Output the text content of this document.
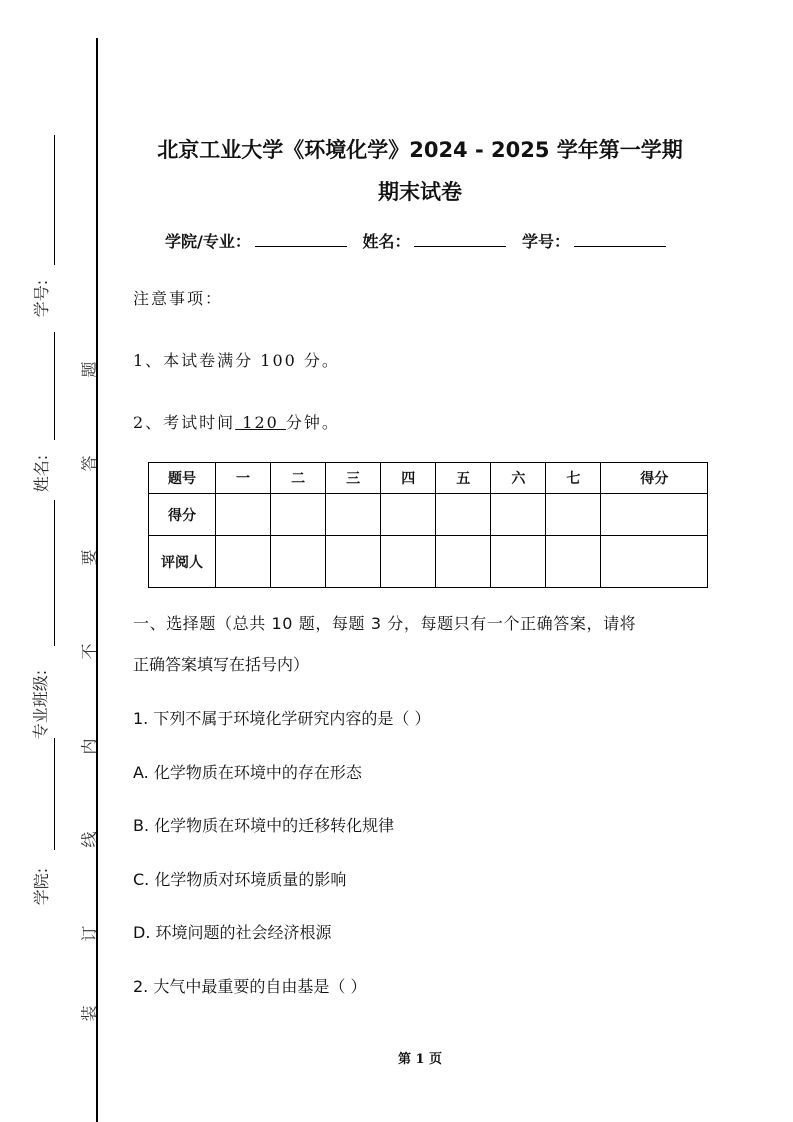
学号:
姓名:
专业班级:
学院:
题
答
要
不
内
线
订
装
北京工业大学《环境化学》2024 - 2025 学年第一学期
期末试卷
学院/专业：	姓名：	学号：
注意事项：
1、本试卷满分 100 分。
2、考试时间 120 分钟。
题号	一	二	三	四	五	六	七	得分
得分								
评阅人								
一、选择题（总共 10 题，每题 3 分，每题只有一个正确答案，请将
正确答案填写在括号内）
1. 下列不属于环境化学研究内容的是（ ）
A. 化学物质在环境中的存在形态
B. 化学物质在环境中的迁移转化规律
C. 化学物质对环境质量的影响
D. 环境问题的社会经济根源
2. 大气中最重要的自由基是（ ）
第 1 页
